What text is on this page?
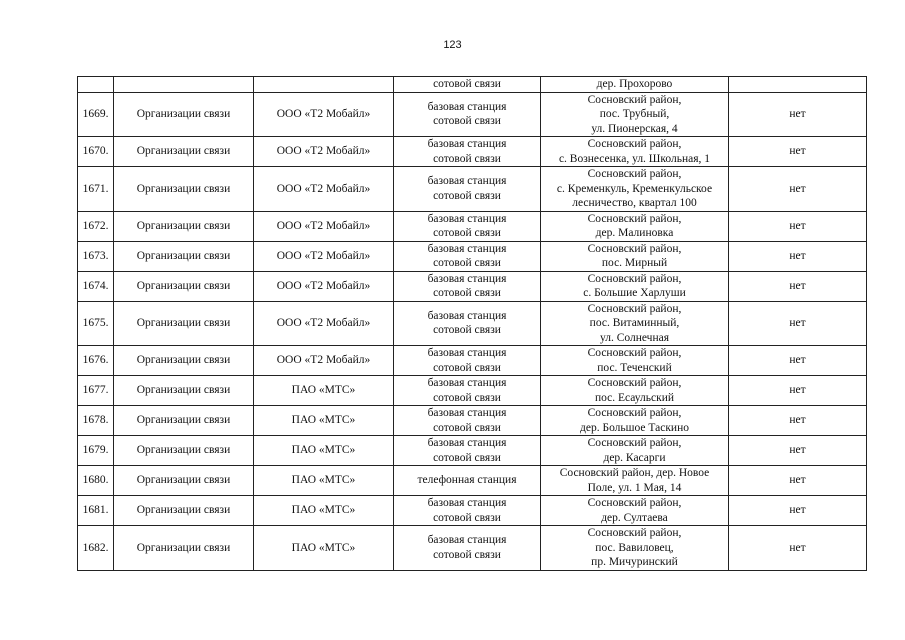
123
			сотовой связи	дер. Прохорово	
1669.	Организации связи	ООО «Т2 Мобайл»	базовая станция
сотовой связи	Сосновский район,
пос. Трубный,
ул. Пионерская, 4	нет
1670.	Организации связи	ООО «Т2 Мобайл»	базовая станция
сотовой связи	Сосновский район,
с. Вознесенка, ул. Школьная, 1	нет
1671.	Организации связи	ООО «Т2 Мобайл»	базовая станция
сотовой связи	Сосновский район,
с. Кременкуль, Кременкульское
лесничество, квартал 100	нет
1672.	Организации связи	ООО «Т2 Мобайл»	базовая станция
сотовой связи	Сосновский район,
дер. Малиновка	нет
1673.	Организации связи	ООО «Т2 Мобайл»	базовая станция
сотовой связи	Сосновский район,
пос. Мирный	нет
1674.	Организации связи	ООО «Т2 Мобайл»	базовая станция
сотовой связи	Сосновский район,
с. Большие Харлуши	нет
1675.	Организации связи	ООО «Т2 Мобайл»	базовая станция
сотовой связи	Сосновский район,
пос. Витаминный,
ул. Солнечная	нет
1676.	Организации связи	ООО «Т2 Мобайл»	базовая станция
сотовой связи	Сосновский район,
пос. Теченский	нет
1677.	Организации связи	ПАО «МТС»	базовая станция
сотовой связи	Сосновский район,
пос. Есаульский	нет
1678.	Организации связи	ПАО «МТС»	базовая станция
сотовой связи	Сосновский район,
дер. Большое Таскино	нет
1679.	Организации связи	ПАО «МТС»	базовая станция
сотовой связи	Сосновский район,
дер. Касарги	нет
1680.	Организации связи	ПАО «МТС»	телефонная станция	Сосновский район, дер. Новое
Поле, ул. 1 Мая, 14	нет
1681.	Организации связи	ПАО «МТС»	базовая станция
сотовой связи	Сосновский район,
дер. Султаева	нет
1682.	Организации связи	ПАО «МТС»	базовая станция
сотовой связи	Сосновский район,
пос. Вавиловец,
пр. Мичуринский	нет
